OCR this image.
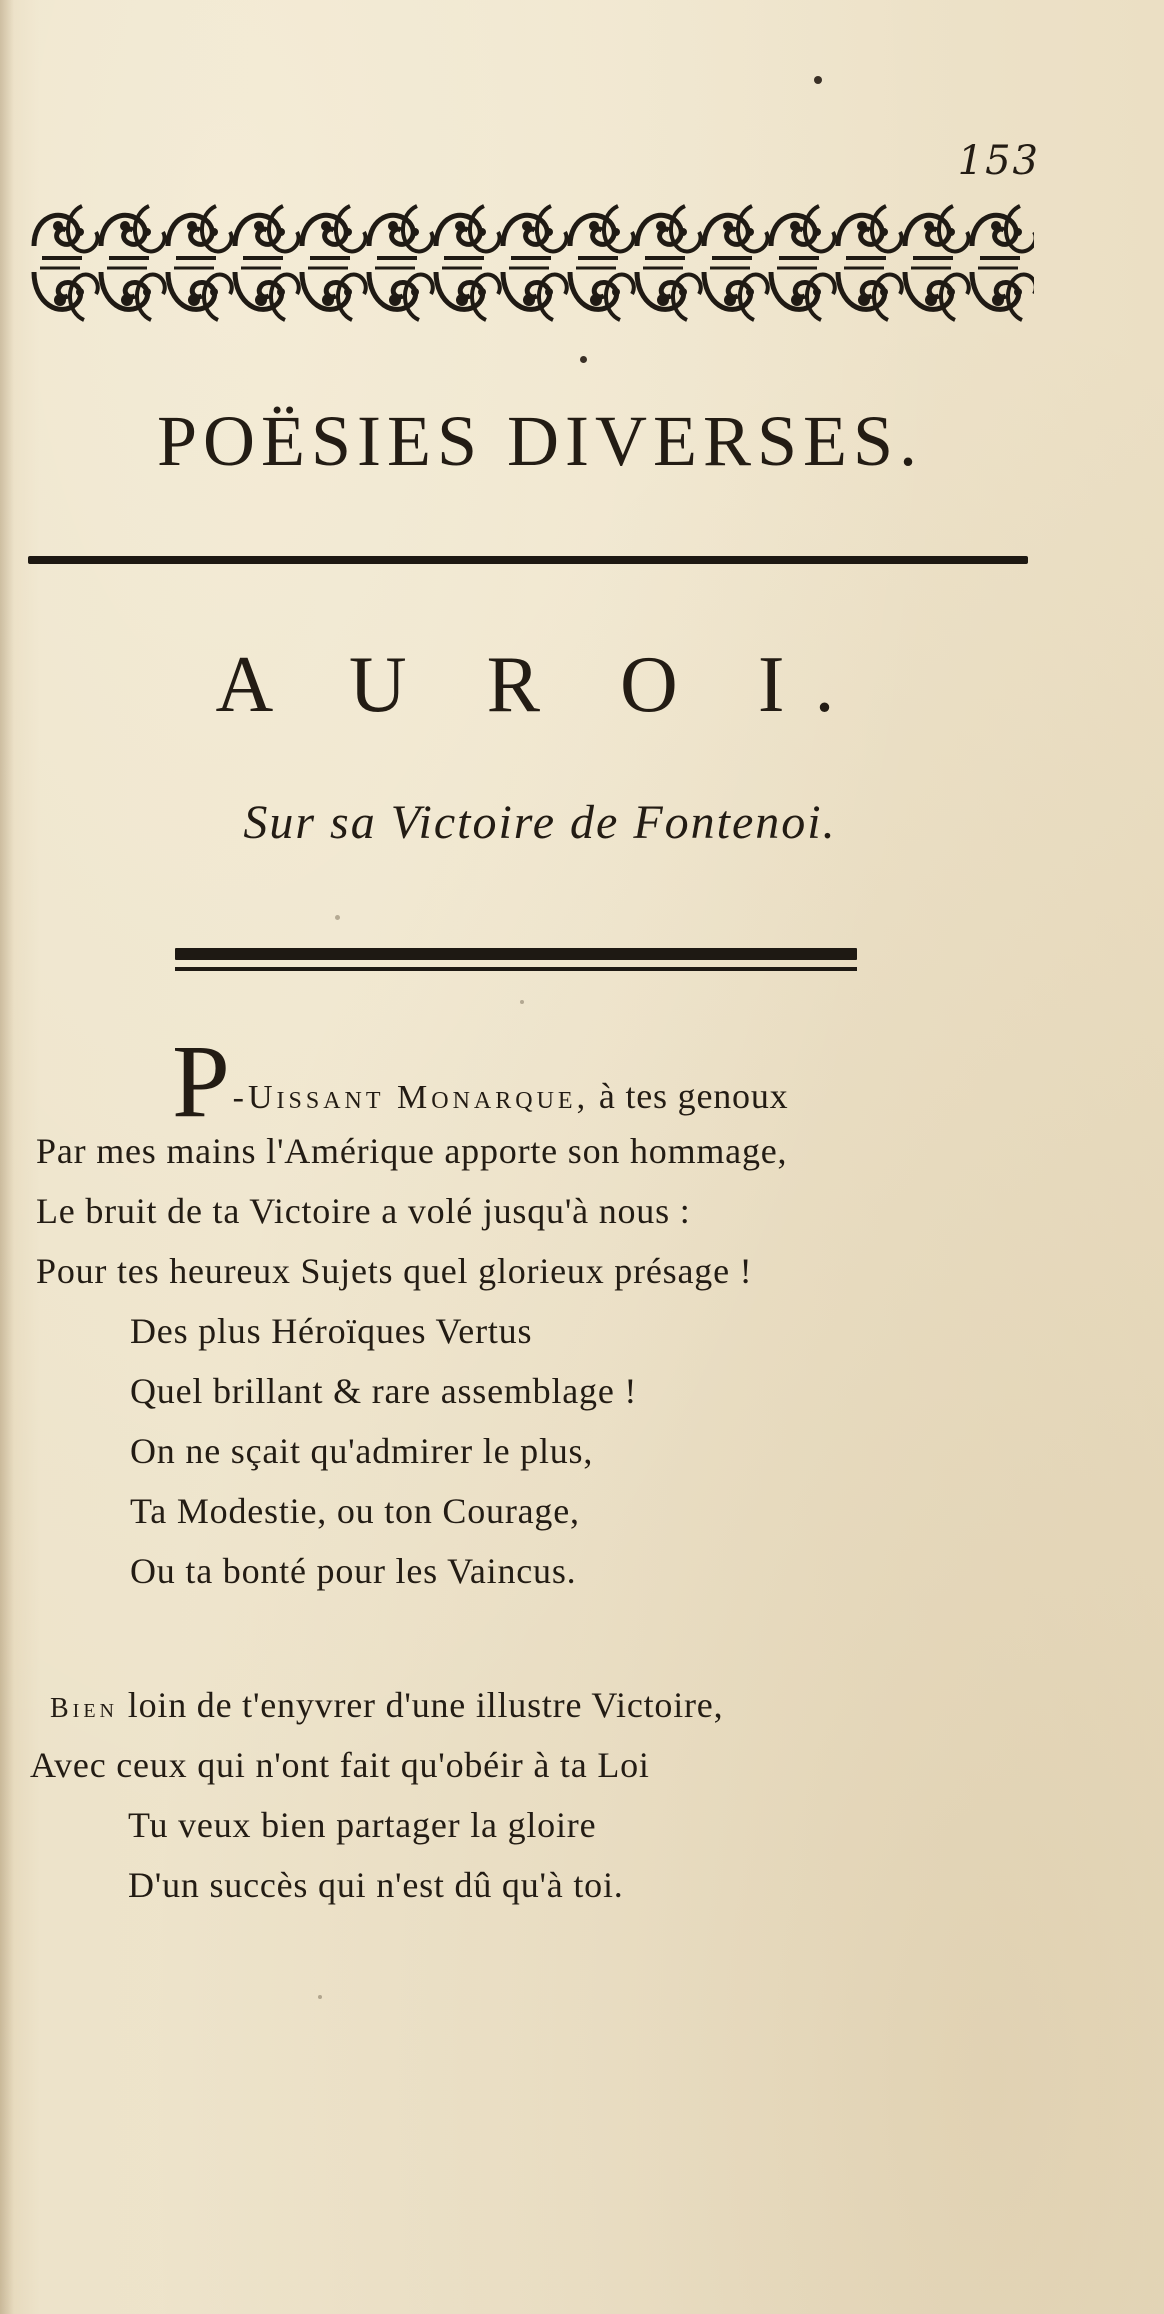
153
POËSIES DIVERSES.
A U R O I.
Sur sa Victoire de Fontenoi.
P-Uissant Monarque, à tes genoux
Par mes mains l'Amérique apporte son hommage,
Le bruit de ta Victoire a volé jusqu'à nous :
Pour tes heureux Sujets quel glorieux présage !
Des plus Héroïques Vertus
Quel brillant & rare assemblage !
On ne sçait qu'admirer le plus,
Ta Modestie, ou ton Courage,
Ou ta bonté pour les Vaincus.
Bien loin de t'enyvrer d'une illustre Victoire,
Avec ceux qui n'ont fait qu'obéir à ta Loi
Tu veux bien partager la gloire
D'un succès qui n'est dû qu'à toi.
